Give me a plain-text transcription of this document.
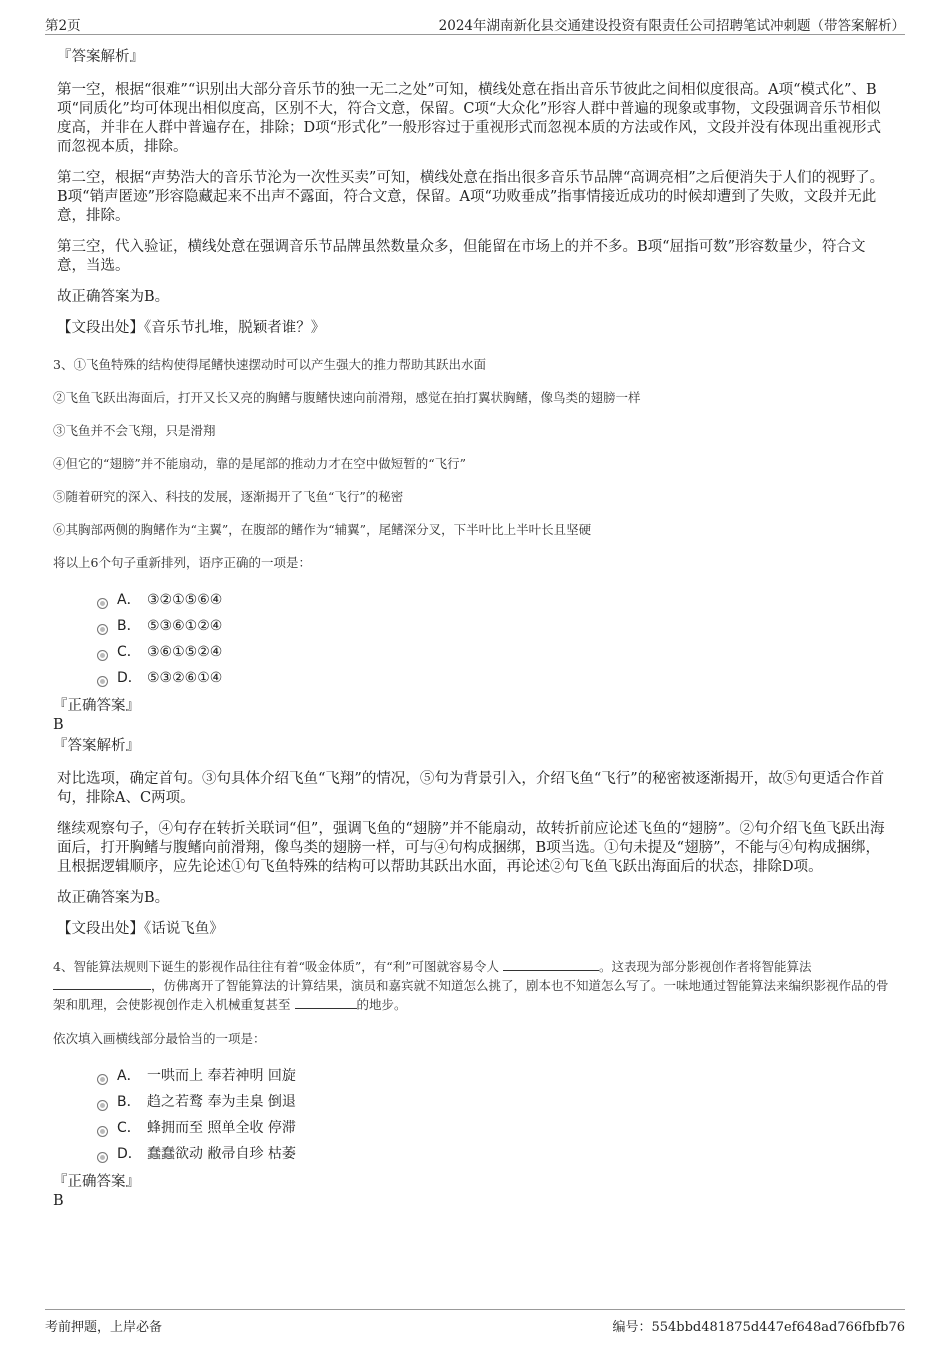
第2页	2024年湖南新化县交通建设投资有限责任公司招聘笔试冲刺题（带答案解析）
『答案解析』

第一空，根据“很难”“识别出大部分音乐节的独一无二之处”可知，横线处意在指出音乐节彼此之间相似度很高。A项“模式化”、B项“同质化”均可体现出相似度高，区别不大，符合文意，保留。C项“大众化”形容人群中普遍的现象或事物，文段强调音乐节相似度高，并非在人群中普遍存在，排除；D项“形式化”一般形容过于重视形式而忽视本质的方法或作风，文段并没有体现出重视形式而忽视本质，排除。

第二空，根据“声势浩大的音乐节沦为一次性买卖”可知，横线处意在指出很多音乐节品牌“高调亮相”之后便消失于人们的视野了。B项“销声匿迹”形容隐藏起来不出声不露面，符合文意，保留。A项“功败垂成”指事情接近成功的时候却遭到了失败，文段并无此意，排除。

第三空，代入验证，横线处意在强调音乐节品牌虽然数量众多，但能留在市场上的并不多。B项“屈指可数”形容数量少，符合文意，当选。

故正确答案为B。

【文段出处】《音乐节扎堆，脱颖者谁？》
3、①飞鱼特殊的结构使得尾鳍快速摆动时可以产生强大的推力帮助其跃出水面
②飞鱼飞跃出海面后，打开又长又亮的胸鳍与腹鳍快速向前滑翔，感觉在拍打翼状胸鳍，像鸟类的翅膀一样
③飞鱼并不会飞翔，只是滑翔
④但它的“翅膀”并不能扇动，靠的是尾部的推动力才在空中做短暂的“飞行”
⑤随着研究的深入、科技的发展，逐渐揭开了飞鱼“飞行”的秘密
⑥其胸部两侧的胸鳍作为“主翼”，在腹部的鳍作为“辅翼”，尾鳍深分叉，下半叶比上半叶长且坚硬
将以上6个句子重新排列，语序正确的一项是：
A． ③②①⑤⑥④
B． ⑤③⑥①②④
C． ③⑥①⑤②④
D． ⑤③②⑥①④
『正确答案』
B
『答案解析』

对比选项，确定首句。③句具体介绍飞鱼“飞翔”的情况，⑤句为背景引入，介绍飞鱼“飞行”的秘密被逐渐揭开，故⑤句更适合作首句，排除A、C两项。

继续观察句子，④句存在转折关联词“但”，强调飞鱼的“翅膀”并不能扇动，故转折前应论述飞鱼的“翅膀”。②句介绍飞鱼飞跃出海面后，打开胸鳍与腹鳍向前滑翔，像鸟类的翅膀一样，可与④句构成捆绑，B项当选。①句未提及“翅膀”，不能与④句构成捆绑，且根据逻辑顺序，应先论述①句飞鱼特殊的结构可以帮助其跃出水面，再论述②句飞鱼飞跃出海面后的状态，排除D项。

故正确答案为B。

【文段出处】《话说飞鱼》
4、智能算法规则下诞生的影视作品往往有着“吸金体质”，有“利”可图就容易令人	。这表现为部分影视创作者将智能算法 ，仿佛离开了智能算法的计算结果，演员和嘉宾就不知道怎么挑了，剧本也不知道怎么写了。一味地通过智能算法来编织影视作品的骨架和肌理，会使影视创作走入机械重复甚至	的地步。
依次填入画横线部分最恰当的一项是：
A． 一哄而上 奉若神明 回旋
B． 趋之若鹜 奉为圭臬 倒退
C． 蜂拥而至 照单全收 停滞
D． 蠢蠢欲动 敝帚自珍 枯萎
『正确答案』
B
考前押题，上岸必备	编号：554bbd481875d447ef648ad766fbfb76
